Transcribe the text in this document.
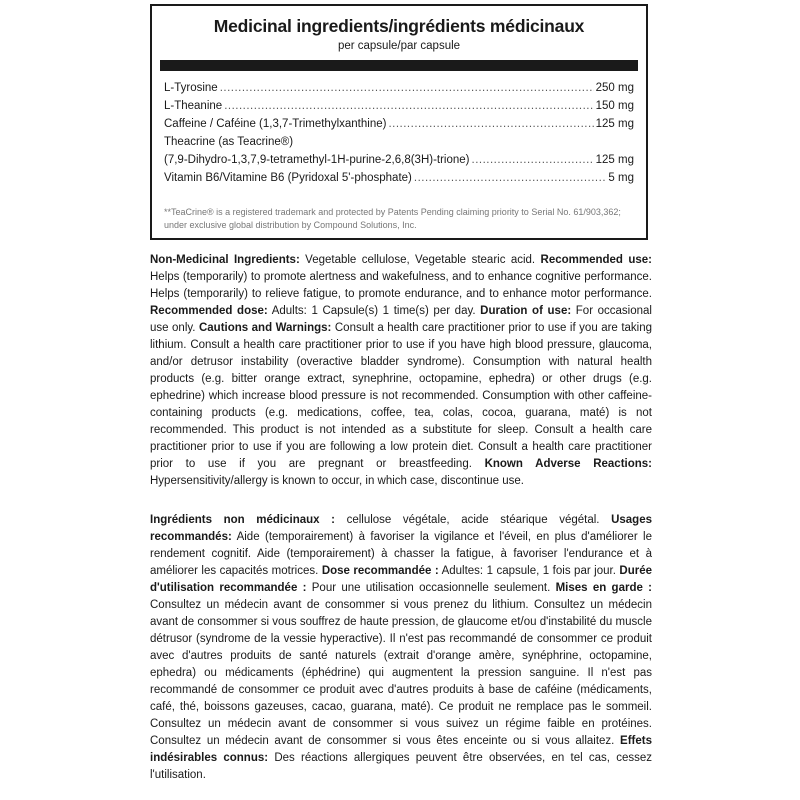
Medicinal ingredients/ingrédients médicinaux
per capsule/par capsule
L-Tyrosine .....	250 mg
L-Theanine .....	150 mg
Caffeine / Caféine (1,3,7-Trimethylxanthine) .....	125 mg
Theacrine (as Teacrine®)
(7,9-Dihydro-1,3,7,9-tetramethyl-1H-purine-2,6,8(3H)-trione) .....	125 mg
Vitamin B6/Vitamine B6 (Pyridoxal 5'-phosphate) .....	5 mg
**TeaCrine® is a registered trademark and protected by Patents Pending claiming priority to Serial No. 61/903,362; under exclusive global distribution by Compound Solutions, Inc.
Non-Medicinal Ingredients: Vegetable cellulose, Vegetable stearic acid. Recommended use: Helps (temporarily) to promote alertness and wakefulness, and to enhance cognitive performance. Helps (temporarily) to relieve fatigue, to promote endurance, and to enhance motor performance. Recommended dose: Adults: 1 Capsule(s) 1 time(s) per day. Duration of use: For occasional use only. Cautions and Warnings: Consult a health care practitioner prior to use if you are taking lithium. Consult a health care practitioner prior to use if you have high blood pressure, glaucoma, and/or detrusor instability (overactive bladder syndrome). Consumption with natural health products (e.g. bitter orange extract, synephrine, octopamine, ephedra) or other drugs (e.g. ephedrine) which increase blood pressure is not recommended. Consumption with other caffeine-containing products (e.g. medications, coffee, tea, colas, cocoa, guarana, maté) is not recommended. This product is not intended as a substitute for sleep. Consult a health care practitioner prior to use if you are following a low protein diet. Consult a health care practitioner prior to use if you are pregnant or breastfeeding. Known Adverse Reactions: Hypersensitivity/allergy is known to occur, in which case, discontinue use.
Ingrédients non médicinaux : cellulose végétale, acide stéarique végétal. Usages recommandés: Aide (temporairement) à favoriser la vigilance et l'éveil, en plus d'améliorer le rendement cognitif. Aide (temporairement) à chasser la fatigue, à favoriser l'endurance et à améliorer les capacités motrices. Dose recommandée : Adultes: 1 capsule, 1 fois par jour. Durée d'utilisation recommandée : Pour une utilisation occasionnelle seulement. Mises en garde : Consultez un médecin avant de consommer si vous prenez du lithium. Consultez un médecin avant de consommer si vous souffrez de haute pression, de glaucome et/ou d'instabilité du muscle détrusor (syndrome de la vessie hyperactive). Il n'est pas recommandé de consommer ce produit avec d'autres produits de santé naturels (extrait d'orange amère, synéphrine, octopamine, ephedra) ou médicaments (éphédrine) qui augmentent la pression sanguine. Il n'est pas recommandé de consommer ce produit avec d'autres produits à base de caféine (médicaments, café, thé, boissons gazeuses, cacao, guarana, maté). Ce produit ne remplace pas le sommeil. Consultez un médecin avant de consommer si vous suivez un régime faible en protéines. Consultez un médecin avant de consommer si vous êtes enceinte ou si vous allaitez. Effets indésirables connus: Des réactions allergiques peuvent être observées, en tel cas, cessez l'utilisation.
